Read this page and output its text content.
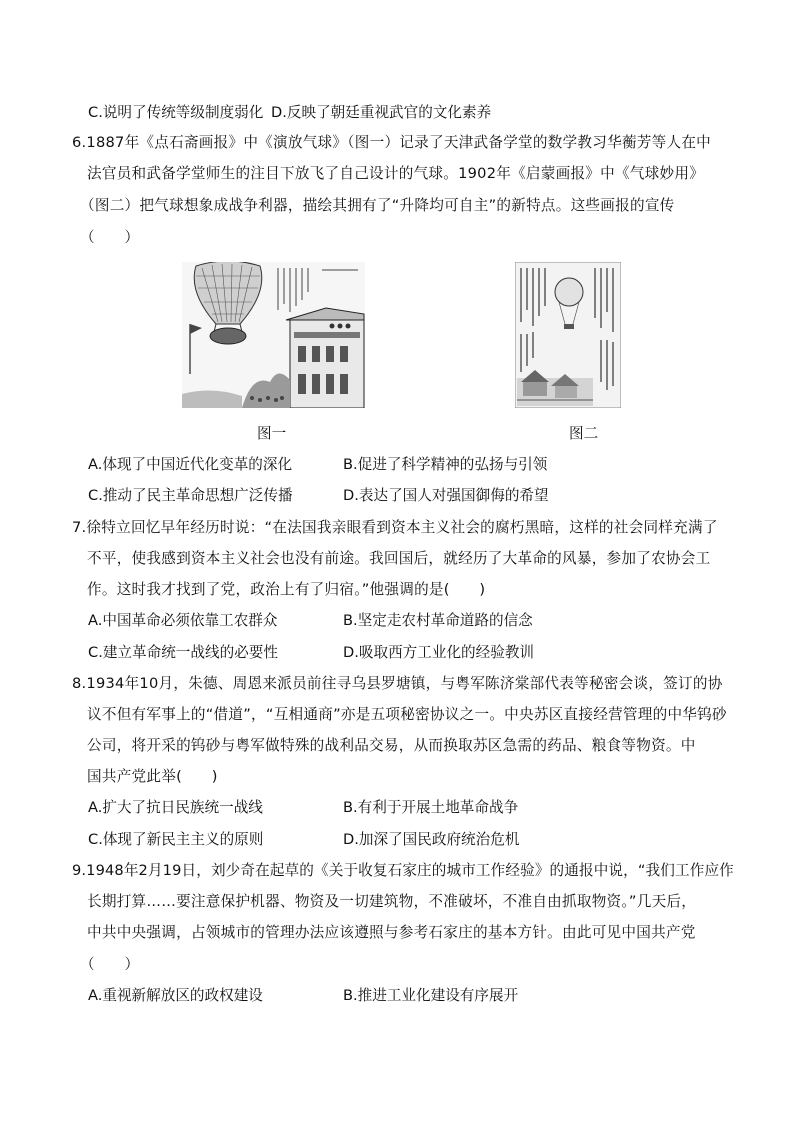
C.说明了传统等级制度弱化 D.反映了朝廷重视武官的文化素养
6.1887年《点石斋画报》中《演放气球》（图一）记录了天津武备学堂的数学教习华蘅芳等人在中
法官员和武备学堂师生的注目下放飞了自己设计的气球。1902年《启蒙画报》中《气球妙用》
（图二）把气球想象成战争利器，描绘其拥有了“升降均可自主”的新特点。这些画报的宣传
（　　）
图一	图二
A.体现了中国近代化变革的深化	B.促进了科学精神的弘扬与引领
C.推动了民主革命思想广泛传播	D.表达了国人对强国御侮的希望
7.徐特立回忆早年经历时说：“在法国我亲眼看到资本主义社会的腐朽黑暗，这样的社会同样充满了
不平，使我感到资本主义社会也没有前途。我回国后，就经历了大革命的风暴，参加了农协会工
作。这时我才找到了党，政治上有了归宿。”他强调的是(　　)
A.中国革命必须依靠工农群众	B.坚定走农村革命道路的信念
C.建立革命统一战线的必要性	D.吸取西方工业化的经验教训
8.1934年10月，朱德、周恩来派员前往寻乌县罗塘镇，与粤军陈济棠部代表等秘密会谈，签订的协
议不但有军事上的“借道”，“互相通商”亦是五项秘密协议之一。中央苏区直接经营管理的中华钨砂
公司，将开采的钨砂与粤军做特殊的战利品交易，从而换取苏区急需的药品、粮食等物资。中
国共产党此举(　　)
A.扩大了抗日民族统一战线	B.有利于开展土地革命战争
C.体现了新民主主义的原则	D.加深了国民政府统治危机
9.1948年2月19日，刘少奇在起草的《关于收复石家庄的城市工作经验》的通报中说，“我们工作应作
长期打算……要注意保护机器、物资及一切建筑物，不准破坏，不准自由抓取物资。”几天后，
中共中央强调，占领城市的管理办法应该遵照与参考石家庄的基本方针。由此可见中国共产党
（　　）
A.重视新解放区的政权建设	B.推进工业化建设有序展开
